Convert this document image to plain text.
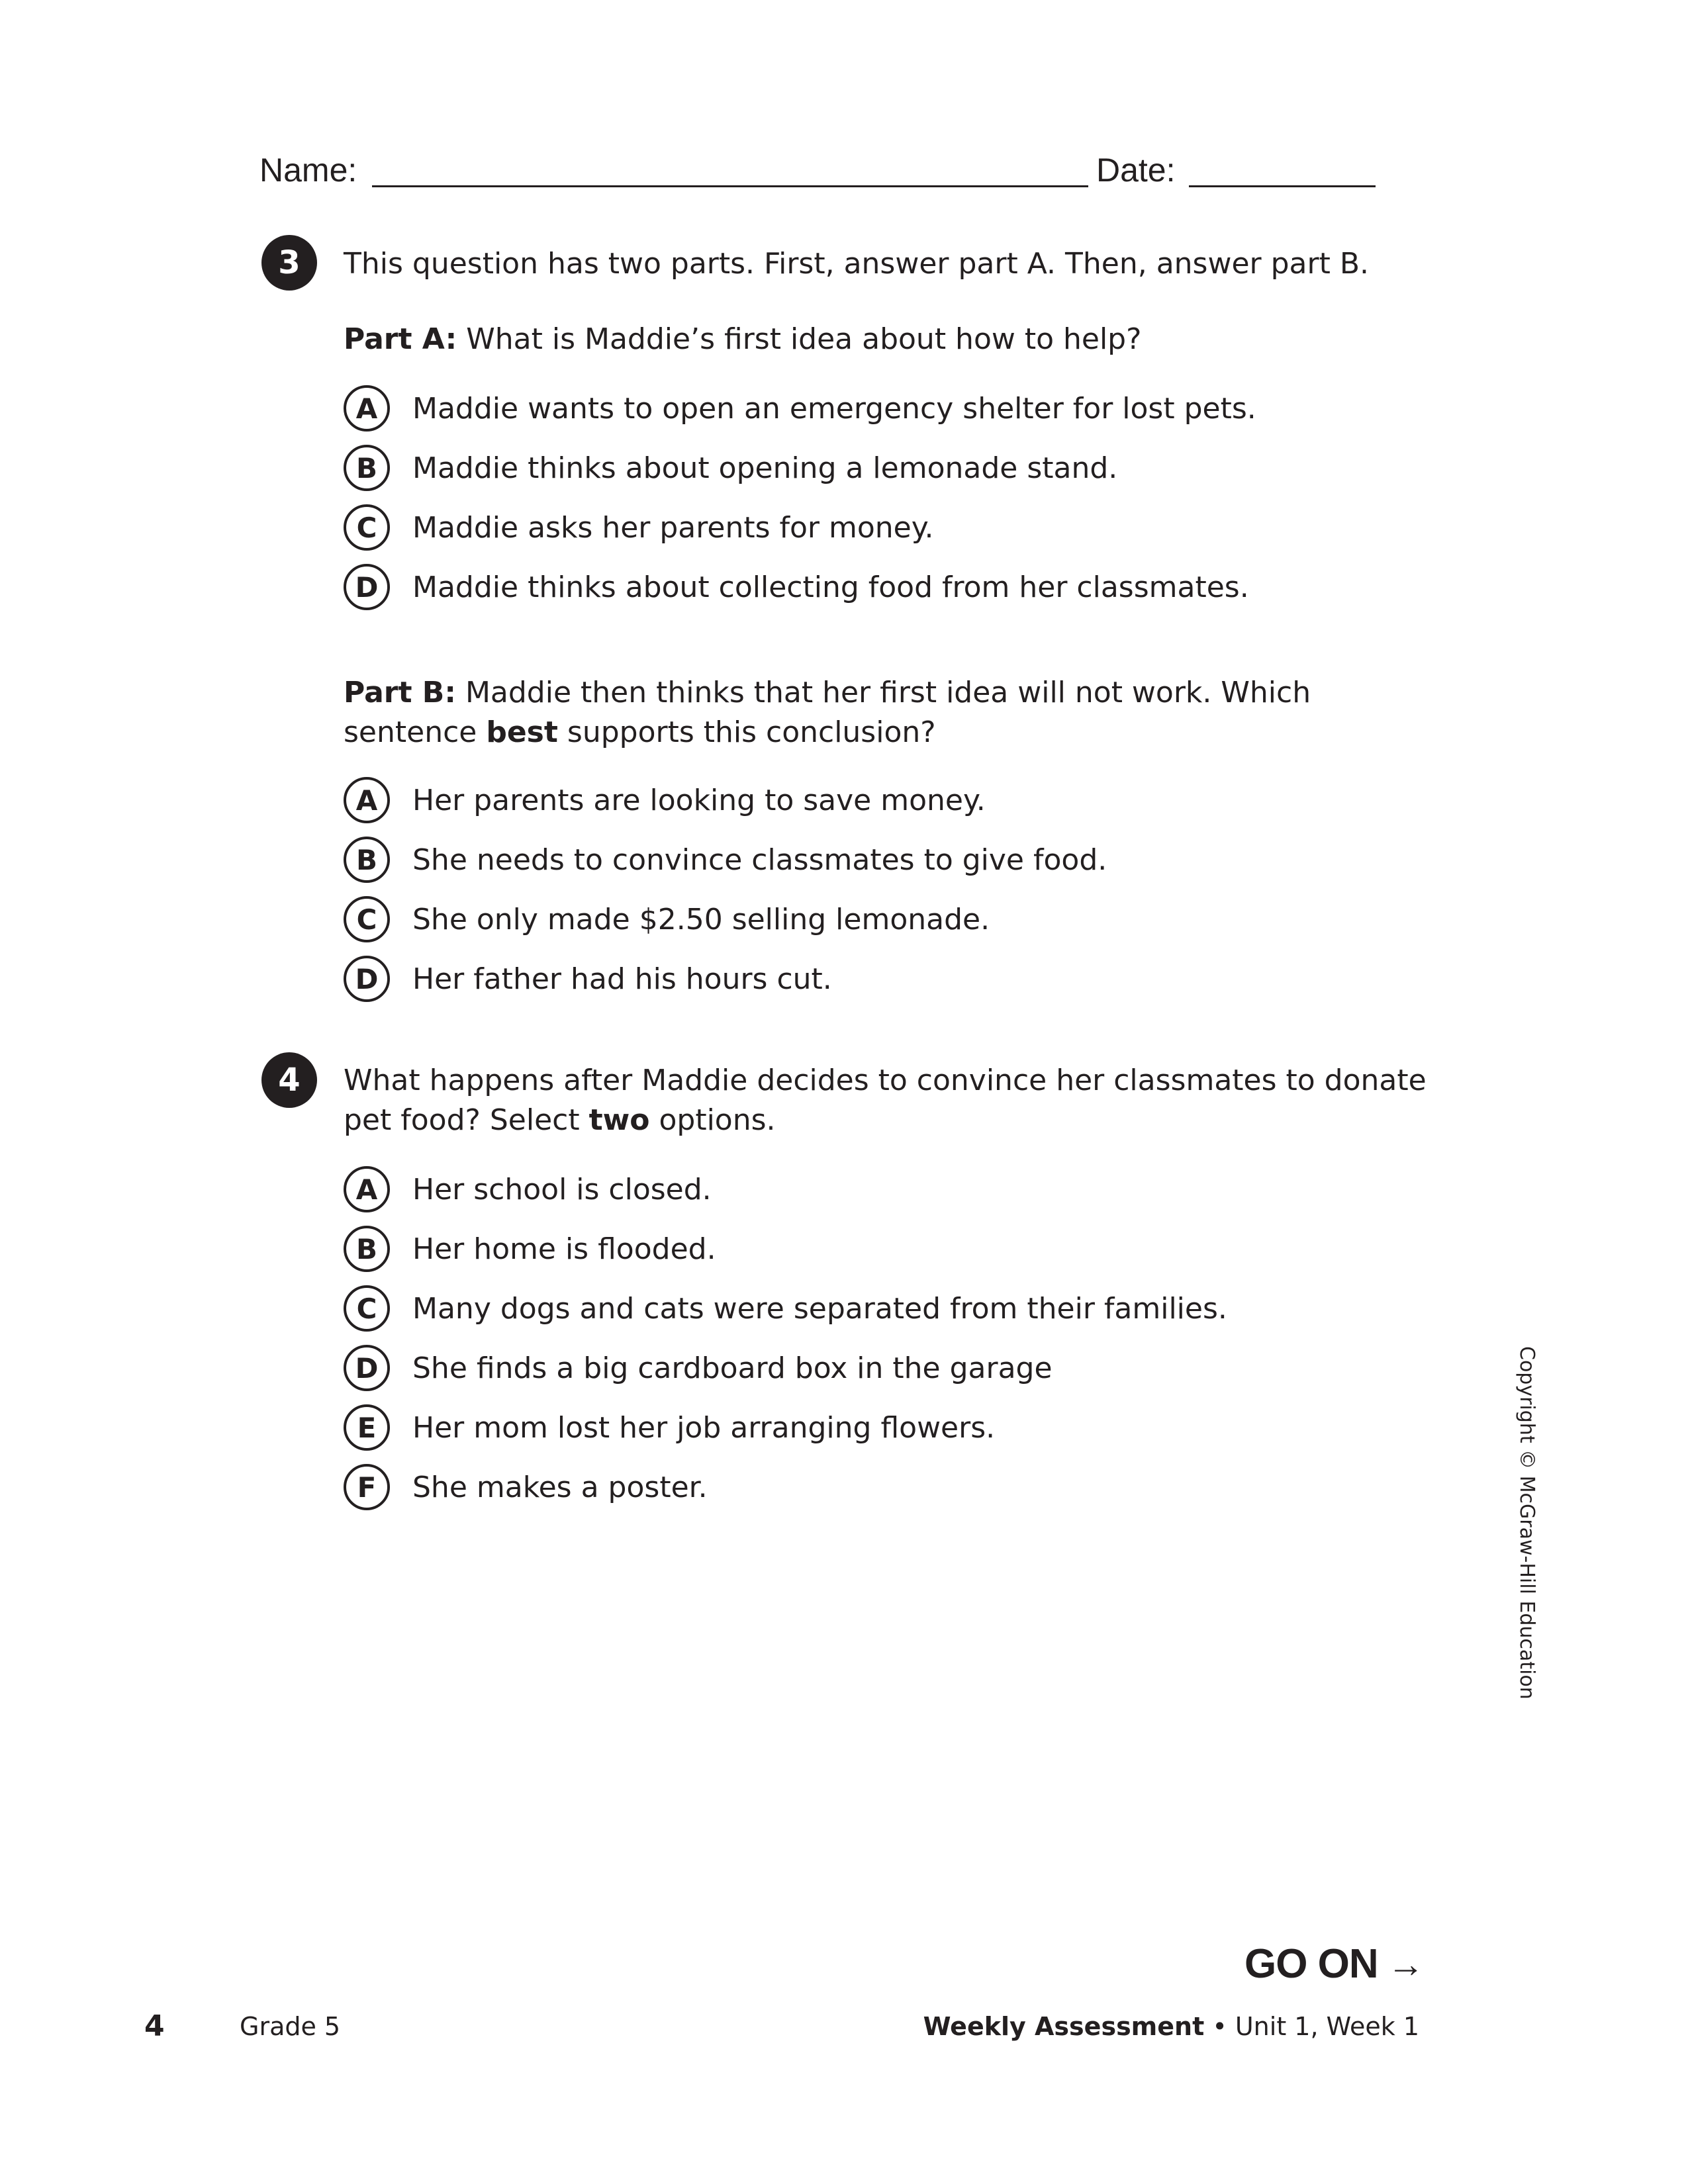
Name:	Date:
3	This question has two parts. First, answer part A. Then, answer part B.
Part A: What is Maddie’s first idea about how to help?
A	Maddie wants to open an emergency shelter for lost pets.
B	Maddie thinks about opening a lemonade stand.
C	Maddie asks her parents for money.
D	Maddie thinks about collecting food from her classmates.
Part B: Maddie then thinks that her first idea will not work. Which sentence best supports this conclusion?
A	Her parents are looking to save money.
B	She needs to convince classmates to give food.
C	She only made $2.50 selling lemonade.
D	Her father had his hours cut.
4	What happens after Maddie decides to convince her classmates to donate pet food? Select two options.
A	Her school is closed.
B	Her home is flooded.
C	Many dogs and cats were separated from their families.
D	She finds a big cardboard box in the garage
E	Her mom lost her job arranging flowers.
F	She makes a poster.	Copyright © McGraw-Hill Education
GO ON →
4	Grade 5	Weekly Assessment • Unit 1, Week 1
